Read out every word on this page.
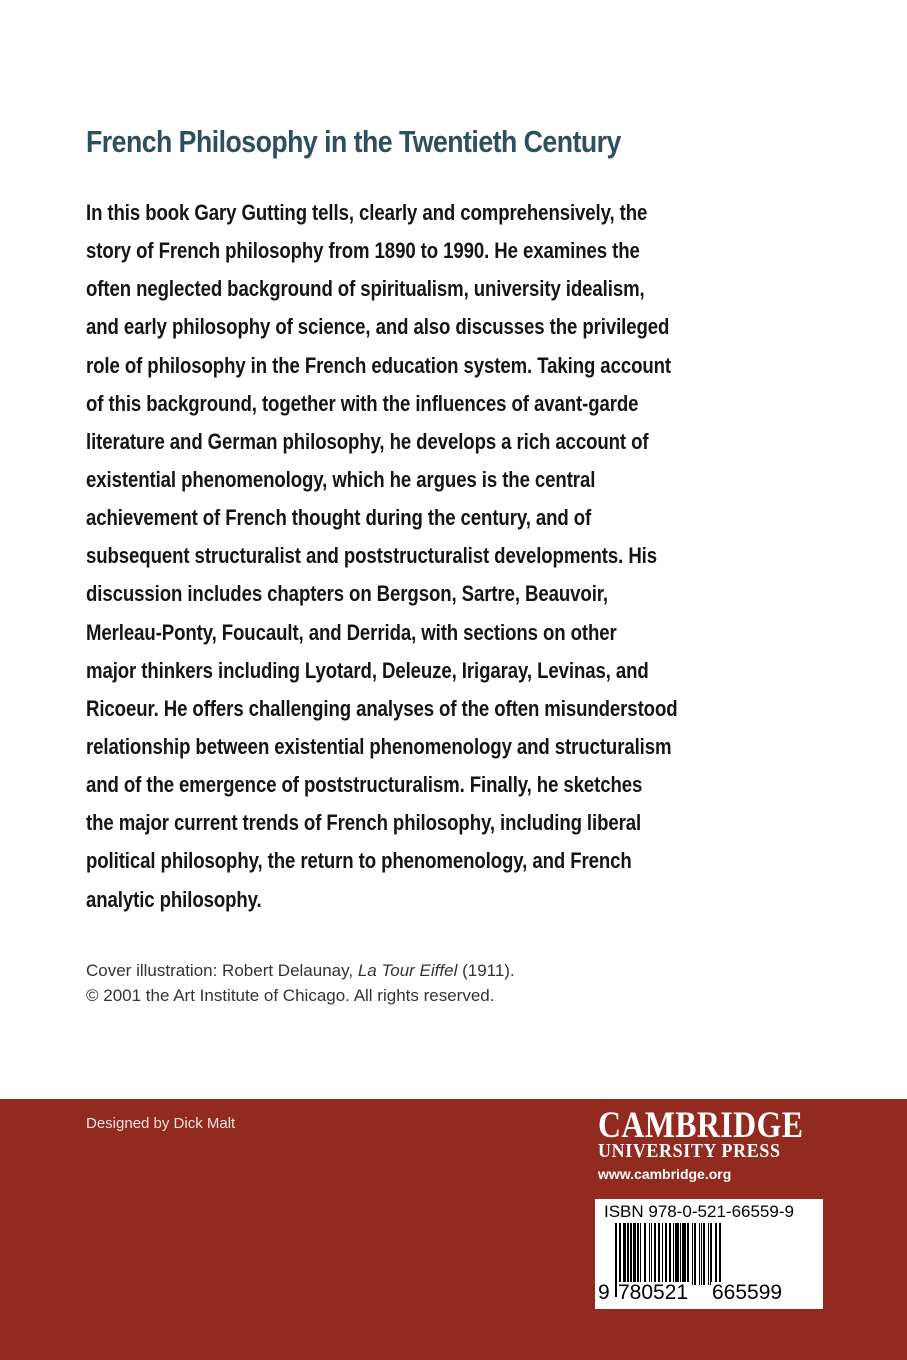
French Philosophy in the Twentieth Century
In this book Gary Gutting tells, clearly and comprehensively, the
story of French philosophy from 1890 to 1990. He examines the
often neglected background of spiritualism, university idealism,
and early philosophy of science, and also discusses the privileged
role of philosophy in the French education system. Taking account
of this background, together with the influences of avant-garde
literature and German philosophy, he develops a rich account of
existential phenomenology, which he argues is the central
achievement of French thought during the century, and of
subsequent structuralist and poststructuralist developments. His
discussion includes chapters on Bergson, Sartre, Beauvoir,
Merleau-Ponty, Foucault, and Derrida, with sections on other
major thinkers including Lyotard, Deleuze, Irigaray, Levinas, and
Ricoeur. He offers challenging analyses of the often misunderstood
relationship between existential phenomenology and structuralism
and of the emergence of poststructuralism. Finally, he sketches
the major current trends of French philosophy, including liberal
political philosophy, the return to phenomenology, and French
analytic philosophy.
Cover illustration: Robert Delaunay, La Tour Eiffel (1911).
© 2001 the Art Institute of Chicago. All rights reserved.
Designed by Dick Malt	CAMBRIDGE
UNIVERSITY PRESS
www.cambridge.org
ISBN 978-0-521-66559-9
9 780521 665599
